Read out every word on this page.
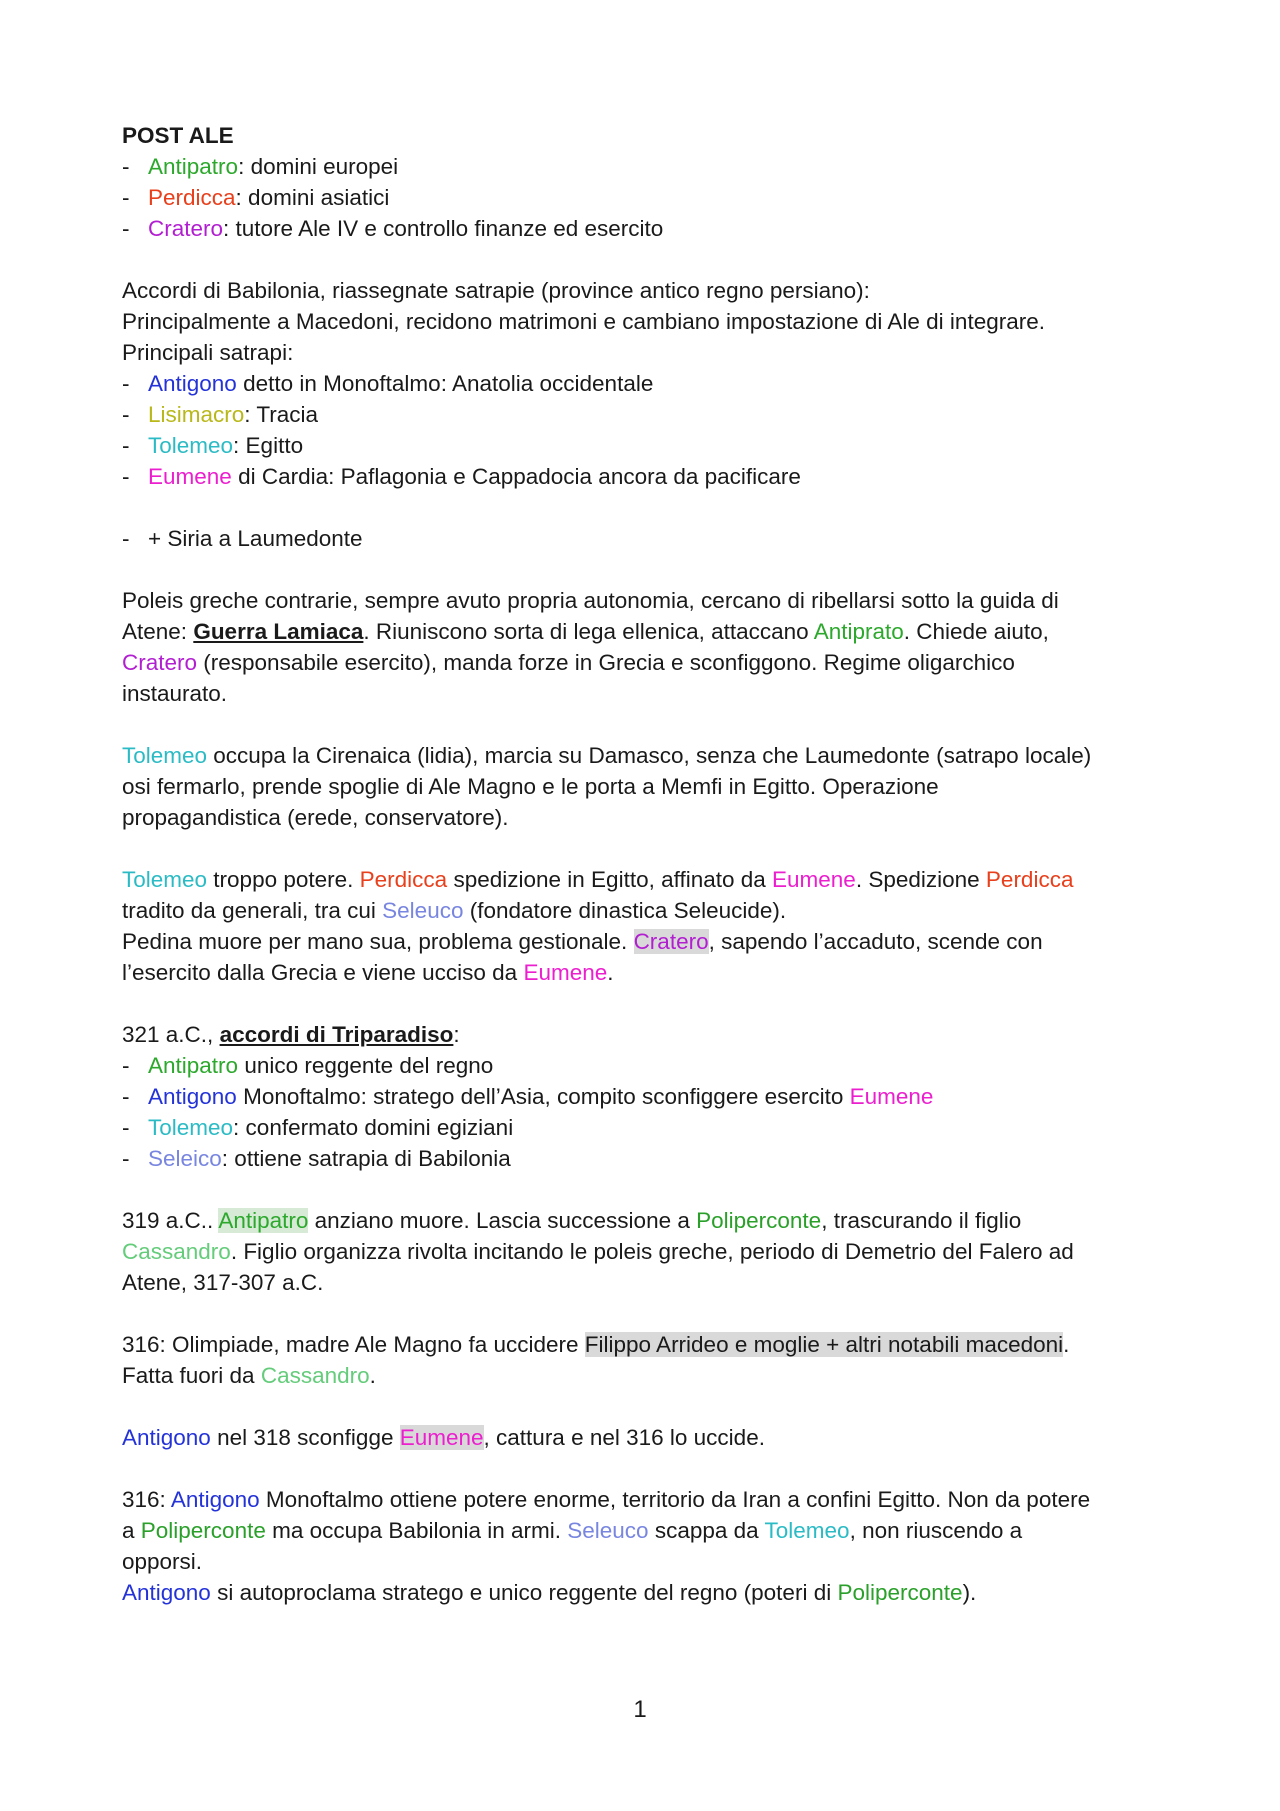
POST ALE
- Antipatro: domini europei
- Perdicca: domini asiatici
- Cratero: tutore Ale IV e controllo finanze ed esercito
Accordi di Babilonia, riassegnate satrapie (province antico regno persiano):
Principalmente a Macedoni, recidono matrimoni e cambiano impostazione di Ale di integrare.
Principali satrapi:
- Antigono detto in Monoftalmo: Anatolia occidentale
- Lisimacro: Tracia
- Tolemeo: Egitto
- Eumene di Cardia: Paflagonia e Cappadocia ancora da pacificare
- + Siria a Laumedonte
Poleis greche contrarie, sempre avuto propria autonomia, cercano di ribellarsi sotto la guida di
Atene: Guerra Lamiaca. Riuniscono sorta di lega ellenica, attaccano Antiprato. Chiede aiuto,
Cratero (responsabile esercito), manda forze in Grecia e sconfiggono. Regime oligarchico
instaurato.
Tolemeo occupa la Cirenaica (lidia), marcia su Damasco, senza che Laumedonte (satrapo locale)
osi fermarlo, prende spoglie di Ale Magno e le porta a Memfi in Egitto. Operazione
propagandistica (erede, conservatore).
Tolemeo troppo potere. Perdicca spedizione in Egitto, affinato da Eumene. Spedizione Perdicca
tradito da generali, tra cui Seleuco (fondatore dinastica Seleucide).
Pedina muore per mano sua, problema gestionale. Cratero, sapendo l’accaduto, scende con
l’esercito dalla Grecia e viene ucciso da Eumene.
321 a.C., accordi di Triparadiso:
- Antipatro unico reggente del regno
- Antigono Monoftalmo: stratego dell’Asia, compito sconfiggere esercito Eumene
- Tolemeo: confermato domini egiziani
- Seleico: ottiene satrapia di Babilonia
319 a.C.. Antipatro anziano muore. Lascia successione a Poliperconte, trascurando il figlio
Cassandro. Figlio organizza rivolta incitando le poleis greche, periodo di Demetrio del Falero ad
Atene, 317-307 a.C.
316: Olimpiade, madre Ale Magno fa uccidere Filippo Arrideo e moglie + altri notabili macedoni.
Fatta fuori da Cassandro.
Antigono nel 318 sconfigge Eumene, cattura e nel 316 lo uccide.
316: Antigono Monoftalmo ottiene potere enorme, territorio da Iran a confini Egitto. Non da potere
a Poliperconte ma occupa Babilonia in armi. Seleuco scappa da Tolemeo, non riuscendo a
opporsi.
Antigono si autoproclama stratego e unico reggente del regno (poteri di Poliperconte).
1
